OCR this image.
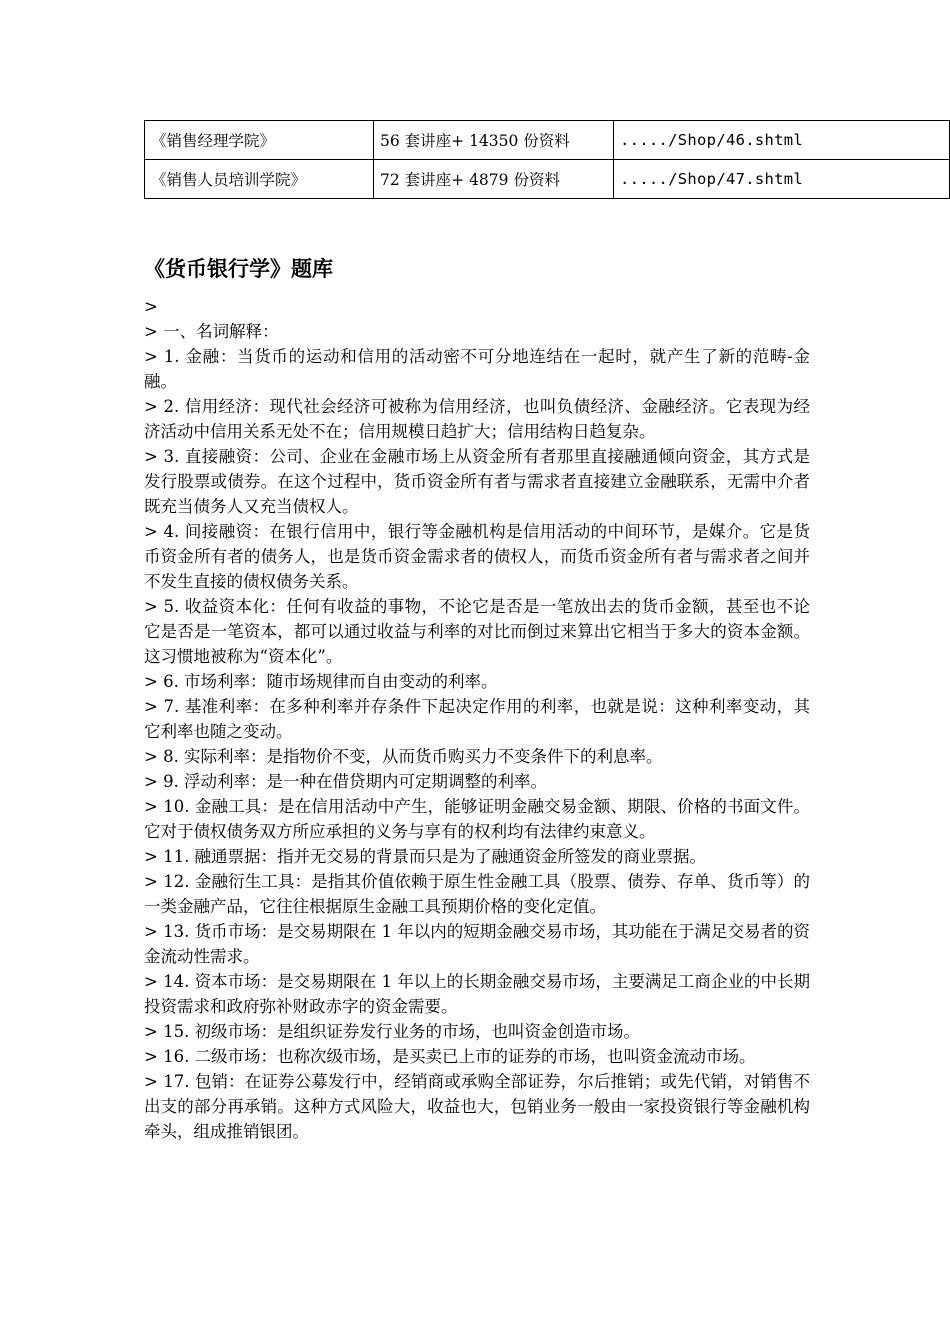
《销售经理学院》	56 套讲座+ 14350 份资料	...../Shop/46.shtml
《销售人员培训学院》	72 套讲座+ 4879 份资料	...../Shop/47.shtml
《货币银行学》题库

>

> 一、名词解释：

> 1. 金融：当货币的运动和信用的活动密不可分地连结在一起时，就产生了新的范畴-金融。

> 2. 信用经济：现代社会经济可被称为信用经济，也叫负债经济、金融经济。它表现为经济活动中信用关系无处不在；信用规模日趋扩大；信用结构日趋复杂。

> 3. 直接融资：公司、企业在金融市场上从资金所有者那里直接融通倾向资金，其方式是发行股票或债券。在这个过程中，货币资金所有者与需求者直接建立金融联系，无需中介者既充当债务人又充当债权人。

> 4. 间接融资：在银行信用中，银行等金融机构是信用活动的中间环节，是媒介。它是货币资金所有者的债务人，也是货币资金需求者的债权人，而货币资金所有者与需求者之间并不发生直接的债权债务关系。

> 5. 收益资本化：任何有收益的事物，不论它是否是一笔放出去的货币金额，甚至也不论它是否是一笔资本，都可以通过收益与利率的对比而倒过来算出它相当于多大的资本金额。这习惯地被称为“资本化”。

> 6. 市场利率：随市场规律而自由变动的利率。

> 7. 基准利率：在多种利率并存条件下起决定作用的利率，也就是说：这种利率变动，其它利率也随之变动。

> 8. 实际利率：是指物价不变，从而货币购买力不变条件下的利息率。

> 9. 浮动利率：是一种在借贷期内可定期调整的利率。

> 10. 金融工具：是在信用活动中产生，能够证明金融交易金额、期限、价格的书面文件。它对于债权债务双方所应承担的义务与享有的权利均有法律约束意义。

> 11. 融通票据：指并无交易的背景而只是为了融通资金所签发的商业票据。

> 12. 金融衍生工具：是指其价值依赖于原生性金融工具（股票、债券、存单、货币等）的一类金融产品，它往往根据原生金融工具预期价格的变化定值。

> 13. 货币市场：是交易期限在 1 年以内的短期金融交易市场，其功能在于满足交易者的资金流动性需求。

> 14. 资本市场：是交易期限在 1 年以上的长期金融交易市场，主要满足工商企业的中长期投资需求和政府弥补财政赤字的资金需要。

> 15. 初级市场：是组织证券发行业务的市场，也叫资金创造市场。

> 16. 二级市场：也称次级市场，是买卖已上市的证券的市场，也叫资金流动市场。

> 17. 包销：在证券公募发行中，经销商或承购全部证券，尔后推销；或先代销，对销售不出支的部分再承销。这种方式风险大，收益也大，包销业务一般由一家投资银行等金融机构牵头，组成推销银团。
